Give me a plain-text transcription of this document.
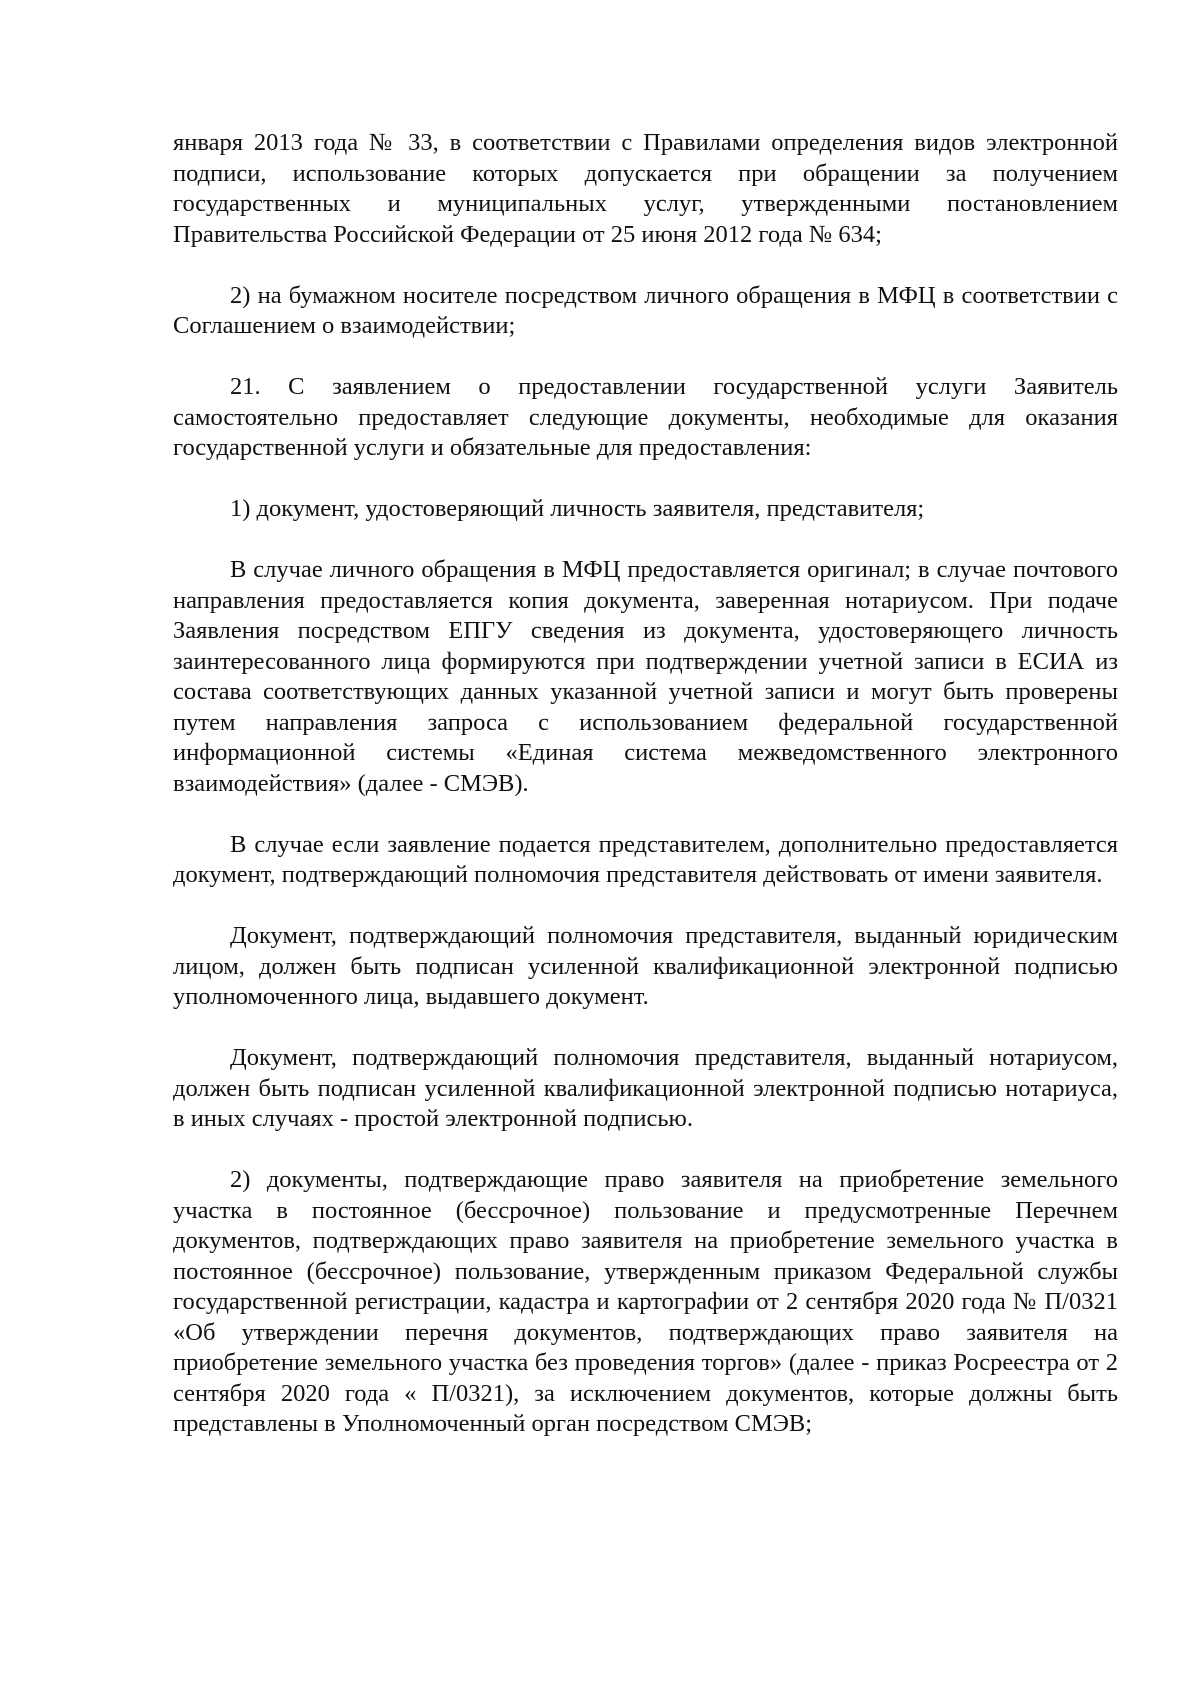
января 2013 года № 33, в соответствии с Правилами определения видов электронной подписи, использование которых допускается при обращении за получением государственных и муниципальных услуг, утвержденными постановлением Правительства Российской Федерации от 25 июня 2012 года № 634;

2) на бумажном носителе посредством личного обращения в МФЦ в соответствии с Соглашением о взаимодействии;

21. С заявлением о предоставлении государственной услуги Заявитель самостоятельно предоставляет следующие документы, необходимые для оказания государственной услуги и обязательные для предоставления:

1) документ, удостоверяющий личность заявителя, представителя;

В случае личного обращения в МФЦ предоставляется оригинал; в случае почтового направления предоставляется копия документа, заверенная нотариусом. При подаче Заявления посредством ЕПГУ сведения из документа, удостоверяющего личность заинтересованного лица формируются при подтверждении учетной записи в ЕСИА из состава соответствующих данных указанной учетной записи и могут быть проверены путем направления запроса с использованием федеральной государственной информационной системы «Единая система межведомственного электронного взаимодействия» (далее - СМЭВ).

В случае если заявление подается представителем, дополнительно предоставляется документ, подтверждающий полномочия представителя действовать от имени заявителя.

Документ, подтверждающий полномочия представителя, выданный юридическим лицом, должен быть подписан усиленной квалификационной электронной подписью уполномоченного лица, выдавшего документ.

Документ, подтверждающий полномочия представителя, выданный нотариусом, должен быть подписан усиленной квалификационной электронной подписью нотариуса, в иных случаях - простой электронной подписью.

2) документы, подтверждающие право заявителя на приобретение земельного участка в постоянное (бессрочное) пользование и предусмотренные Перечнем документов, подтверждающих право заявителя на приобретение земельного участка в постоянное (бессрочное) пользование, утвержденным приказом Федеральной службы государственной регистрации, кадастра и картографии от 2 сентября 2020 года № П/0321 «Об утверждении перечня документов, подтверждающих право заявителя на приобретение земельного участка без проведения торгов» (далее - приказ Росреестра от 2 сентября 2020 года « П/0321), за исключением документов, которые должны быть представлены в Уполномоченный орган посредством СМЭВ;
